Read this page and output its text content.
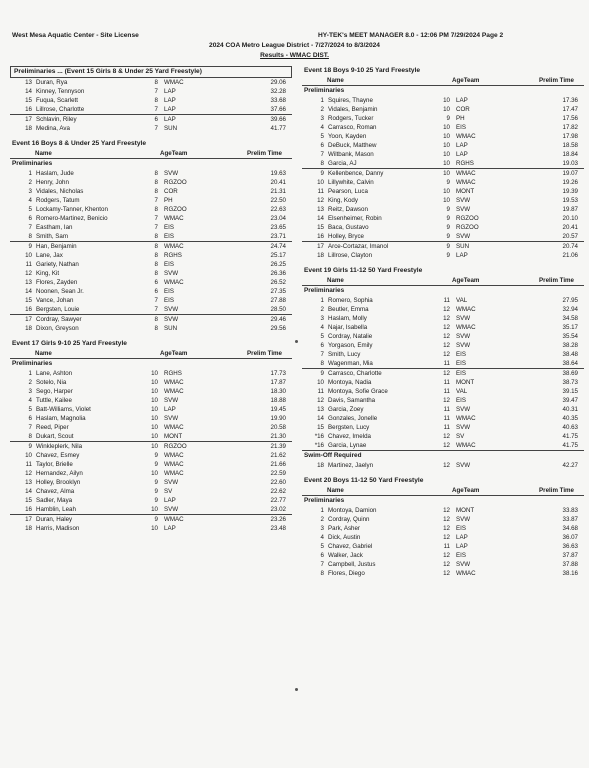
West Mesa Aquatic Center - Site License	HY-TEK's MEET MANAGER 8.0 - 12:06 PM 7/29/2024 Page 2
2024 COA Metro League District - 7/27/2024 to 8/3/2024
Results - WMAC DIST.
Preliminaries ... (Event 15 Girls 8 & Under 25 Yard Freestyle)
13 Duran, Rya	8 WMAC	29.06
14 Kinney, Tennyson	7 LAP	32.28
15 Fuqua, Scarlett	8 LAP	33.68
16 Lillrose, Charlotte	7 LAP	37.66
17 Schlavin, Riley	6 LAP	39.66
18 Medina, Ava	7 SUN	41.77
Event 16 Boys 8 & Under 25 Yard Freestyle
Name	AgeTeam	Prelim Time
Preliminaries
1 Haslam, Jude	8 SVW	19.63
2 Henry, John	8 RGZOO	20.41
3 Vidales, Nicholas	8 COR	21.31
4 Rodgers, Tatum	7 PH	22.50
5 Lockamy-Tanner, Khenton	8 RGZOO	22.63
6 Romero-Martinez, Benicio	7 WMAC	23.04
7 Eastham, Ian	7 EIS	23.65
8 Smith, Sam	8 EIS	23.71
9 Han, Benjamin	8 WMAC	24.74
10 Lane, Jax	8 RGHS	25.17
11 Gariety, Nathan	8 EIS	26.25
12 King, Kit	8 SVW	26.36
13 Flores, Zayden	6 WMAC	26.52
14 Noonen, Sean Jr.	6 EIS	27.35
15 Vance, Johan	7 EIS	27.88
16 Bergsten, Louie	7 SVW	28.50
17 Cordray, Sawyer	8 SVW	29.46
18 Dixon, Greyson	8 SUN	29.56
Event 17 Girls 9-10 25 Yard Freestyle
Name	AgeTeam	Prelim Time
Preliminaries
1 Lane, Ashton	10 RGHS	17.73
2 Sotelo, Nia	10 WMAC	17.87
3 Sego, Harper	10 WMAC	18.30
4 Tuttle, Kailee	10 SVW	18.88
5 Batt-Williams, Violet	10 LAP	19.45
6 Haslam, Magnolia	10 SVW	19.90
7 Reed, Piper	10 WMAC	20.58
8 Dukart, Scout	10 MONT	21.30
9 Winkleplerk, Nila	10 RGZOO	21.39
10 Chavez, Esmey	9 WMAC	21.62
11 Taylor, Brielle	9 WMAC	21.66
12 Hernandez, Ailyn	10 WMAC	22.59
13 Holley, Brooklyn	9 SVW	22.60
14 Chavez, Alma	9 SV	22.62
15 Sadler, Maya	9 LAP	22.77
16 Hamblin, Leah	10 SVW	23.02
17 Duran, Haley	9 WMAC	23.26
18 Harris, Madison	10 LAP	23.48
Event 18 Boys 9-10 25 Yard Freestyle
Name	AgeTeam	Prelim Time
Preliminaries
1 Squires, Thayne	10 LAP	17.36
2 Vidales, Benjamin	10 COR	17.47
3 Rodgers, Tucker	9 PH	17.56
4 Carrasco, Roman	10 EIS	17.82
5 Yoon, Kayden	10 WMAC	17.98
6 DeBuck, Matthew	10 LAP	18.58
7 Wiltbank, Mason	10 LAP	18.84
8 Garcia, AJ	10 RGHS	19.03
9 Kellenbence, Danny	10 WMAC	19.07
10 Lillywhite, Calvin	9 WMAC	19.26
11 Pearson, Luca	10 MONT	19.39
12 King, Kody	10 SVW	19.53
13 Reitz, Dawson	9 SVW	19.87
14 Elsenheimer, Robin	9 RGZOO	20.10
15 Baca, Gustavo	9 RGZOO	20.41
16 Holley, Bryce	9 SVW	20.57
17 Arce-Cortazar, Imanol	9 SUN	20.74
18 Lillrose, Clayton	9 LAP	21.06
Event 19 Girls 11-12 50 Yard Freestyle
Name	AgeTeam	Prelim Time
Preliminaries
1 Romero, Sophia	11 VAL	27.95
2 Beutler, Emma	12 WMAC	32.94
3 Haslam, Molly	12 SVW	34.58
4 Najar, Isabella	12 WMAC	35.17
5 Cordray, Natalie	12 SVW	35.54
6 Yorgason, Emily	12 SVW	38.28
7 Smith, Lucy	12 EIS	38.48
8 Wagenman, Mia	11 EIS	38.64
9 Carrasco, Charlotte	12 EIS	38.69
10 Montoya, Nadia	11 MONT	38.73
11 Montoya, Sofie Grace	11 VAL	39.15
12 Davis, Samantha	12 EIS	39.47
13 Garcia, Zoey	11 SVW	40.31
14 Gonzales, Jonelle	11 WMAC	40.35
15 Bergsten, Lucy	11 SVW	40.63
*16 Chavez, Imelda	12 SV	41.75
*16 Garcia, Lynae	12 WMAC	41.75
Swim-Off Required
18 Martinez, Jaelyn	12 SVW	42.27
Event 20 Boys 11-12 50 Yard Freestyle
Name	AgeTeam	Prelim Time
Preliminaries
1 Montoya, Damion	12 MONT	33.83
2 Cordray, Quinn	12 SVW	33.87
3 Park, Asher	12 EIS	34.68
4 Dick, Austin	12 LAP	36.07
5 Chavez, Gabriel	11 LAP	36.63
6 Walker, Jack	12 EIS	37.87
7 Campbell, Justus	12 SVW	37.88
8 Flores, Diego	12 WMAC	38.16
